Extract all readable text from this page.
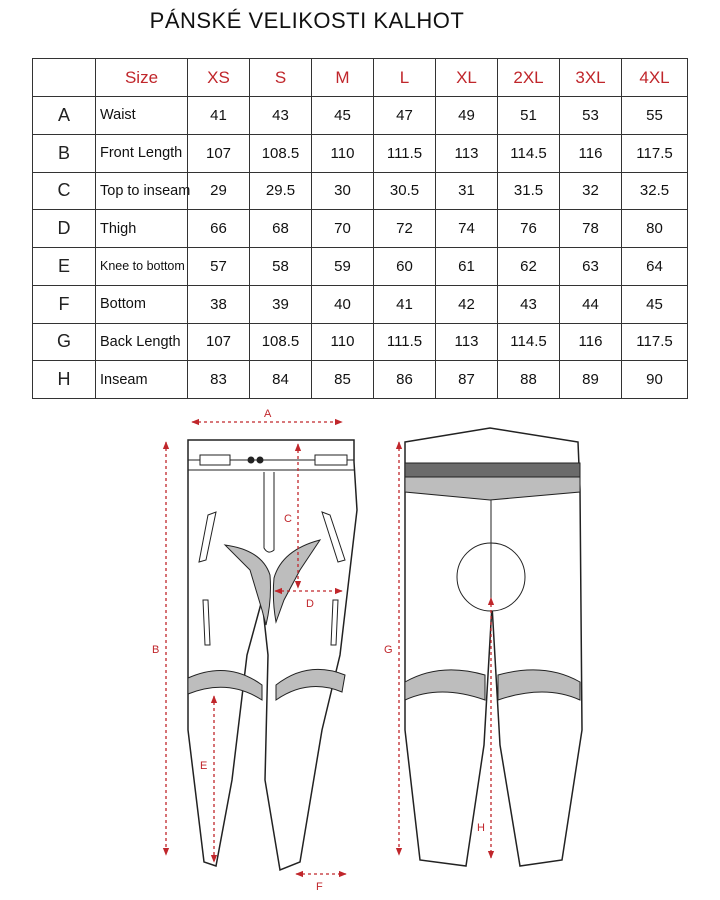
PÁNSKÉ VELIKOSTI KALHOT
	Size	XS	S	M	L	XL	2XL	3XL	4XL
A	Waist	41	43	45	47	49	51	53	55
B	Front Length	107	108.5	110	111.5	113	114.5	116	117.5
C	Top to inseam	29	29.5	30	30.5	31	31.5	32	32.5
D	Thigh	66	68	70	72	74	76	78	80
E	Knee to bottom	57	58	59	60	61	62	63	64
F	Bottom	38	39	40	41	42	43	44	45
G	Back Length	107	108.5	110	111.5	113	114.5	116	117.5
H	Inseam	83	84	85	86	87	88	89	90
A
B
C
D
E
F
G
H
